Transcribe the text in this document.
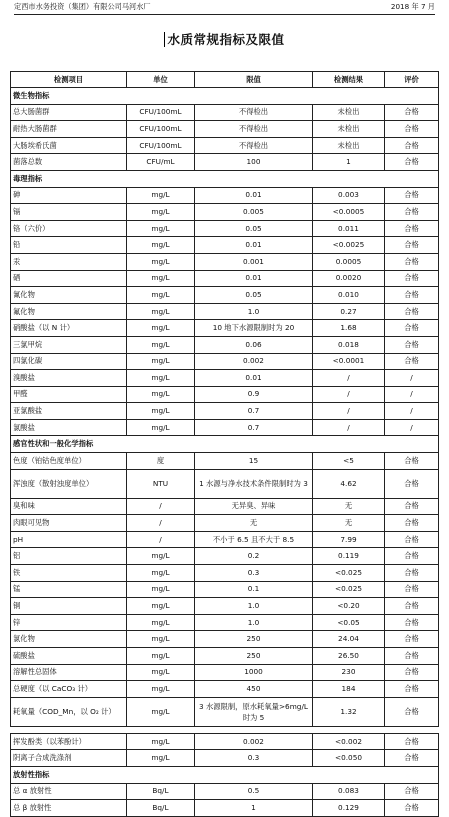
定西市水务投资（集团）有限公司马河水厂	2018 年 7 月
水质常规指标及限值
检测项目	单位	限值	检测结果	评价
微生物指标				
总大肠菌群	CFU/100mL	不得检出	未检出	合格
耐热大肠菌群	CFU/100mL	不得检出	未检出	合格
大肠埃希氏菌	CFU/100mL	不得检出	未检出	合格
菌落总数	CFU/mL	100	1	合格
毒理指标				
砷	mg/L	0.01	0.003	合格
镉	mg/L	0.005	<0.0005	合格
铬（六价）	mg/L	0.05	0.011	合格
铅	mg/L	0.01	<0.0025	合格
汞	mg/L	0.001	0.0005	合格
硒	mg/L	0.01	0.0020	合格
氰化物	mg/L	0.05	0.010	合格
氟化物	mg/L	1.0	0.27	合格
硝酸盐（以 N 计）	mg/L	10 地下水源限制时为 20	1.68	合格
三氯甲烷	mg/L	0.06	0.018	合格
四氯化碳	mg/L	0.002	<0.0001	合格
溴酸盐	mg/L	0.01	/	/
甲醛	mg/L	0.9	/	/
亚氯酸盐	mg/L	0.7	/	/
氯酸盐	mg/L	0.7	/	/
感官性状和一般化学指标				
色度（铂钴色度单位）	度	15	<5	合格
浑浊度（散射浊度单位）	NTU	1 水源与净水技术条件限制时为 3	4.62	合格
臭和味	/	无异臭、异味	无	合格
肉眼可见物	/	无	无	合格
pH	/	不小于 6.5 且不大于 8.5	7.99	合格
铝	mg/L	0.2	0.119	合格
铁	mg/L	0.3	<0.025	合格
锰	mg/L	0.1	<0.025	合格
铜	mg/L	1.0	<0.20	合格
锌	mg/L	1.0	<0.05	合格
氯化物	mg/L	250	24.04	合格
硫酸盐	mg/L	250	26.50	合格
溶解性总固体	mg/L	1000	230	合格
总硬度（以 CaCO₃ 计）	mg/L	450	184	合格
耗氧量（COD_Mn，以 O₂ 计）	mg/L	3 水源限制，原水耗氧量>6mg/L 时为 5	1.32	合格

挥发酚类（以苯酚计）	mg/L	0.002	<0.002	合格
阴离子合成洗涤剂	mg/L	0.3	<0.050	合格
放射性指标				
总 α 放射性	Bq/L	0.5	0.083	合格
总 β 放射性	Bq/L	1	0.129	合格
